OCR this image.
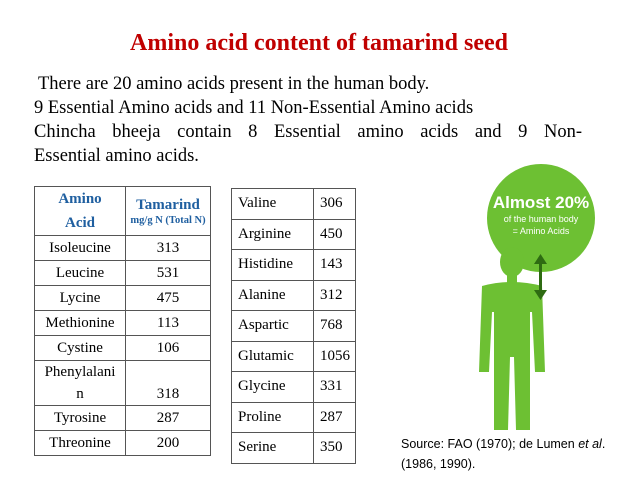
Amino acid content of tamarind seed
There are 20 amino acids present in the human body.
9 Essential Amino acids and 11 Non-Essential Amino acids
Chincha bheeja contain 8 Essential amino acids and 9 Non-
Essential amino acids.
Amino
Acid	Tamarind
mg/g N (Total N)

Isoleucine	313
Leucine	531
Lycine	475
Methionine	113
Cystine	106
Phenylalani
n	318
Tyrosine	287
Threonine	200
Valine	306
Arginine	450
Histidine	143
Alanine	312
Aspartic	768
Glutamic	1056
Glycine	331
Proline	287
Serine	350
Almost 20%
of the human body
= Amino Acids
Source: FAO (1970); de Lumen et al. (1986, 1990).
